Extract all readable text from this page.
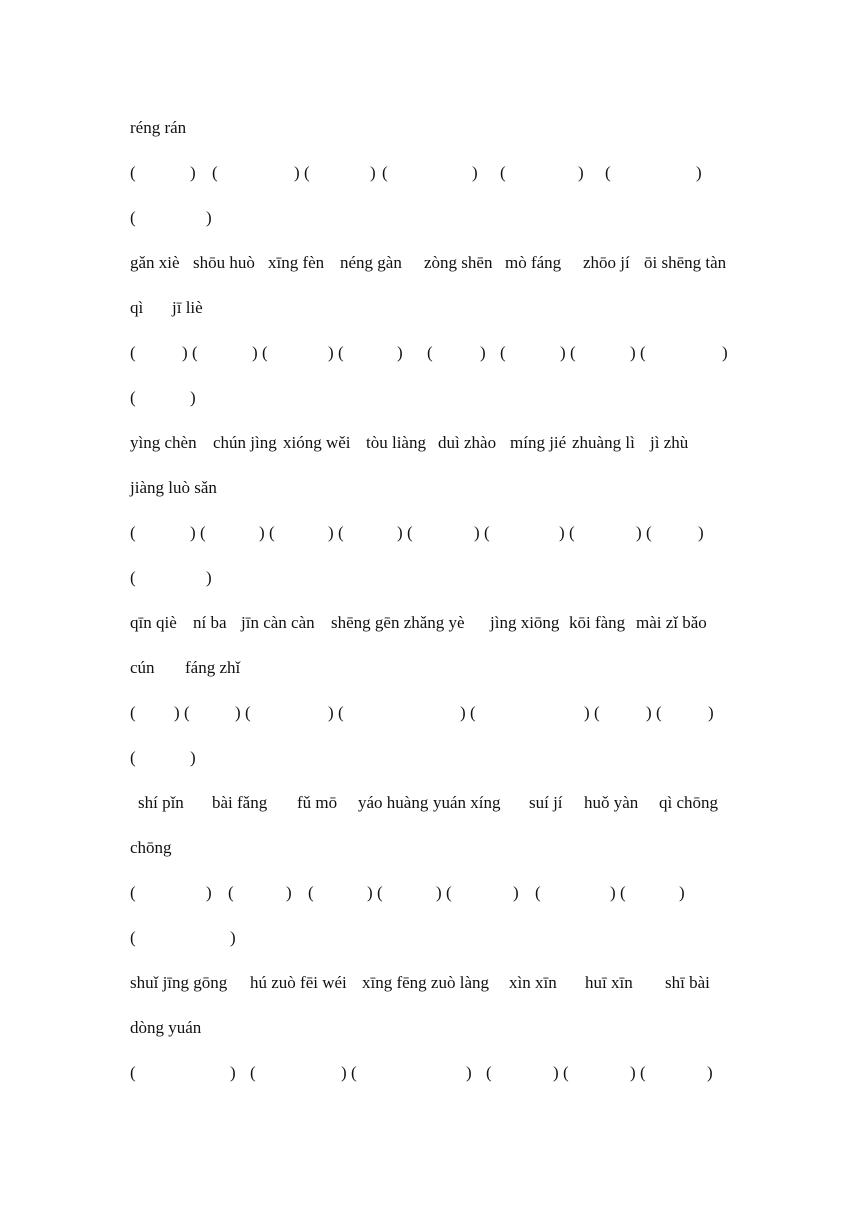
réng rán
(	) (	) (	) (	) (	) (	)
(	)
gǎn xiè shōu huò xīng fèn néng gàn zòng shēn mò fáng zhōo jí ōi shēng tàn
qì jī liè
(	) (	) (	) (	) (	) (	) (	) (	)
(	)
yìng chèn chún jìng xióng wěi tòu liàng duì zhào míng jié zhuàng lì jì zhù
jiàng luò sǎn
(	) (	) (	) (	) (	) (	) (	) (	)
(	)
qīn qiè ní ba jīn càn càn shēng gēn zhǎng yè jìng xiōng kōi fàng mài zǐ bǎo
cún fáng zhǐ
( ) (	) (	) (	) (	) (	) (	)
(	)
shí pǐn bài fǎng fǔ mō yáo huàng yuán xíng suí jí huǒ yàn qì chōng
chōng
(	) (	) (	) (	) (	) (	) (	)
(	)
shuǐ jīng gōng hú zuò fēi wéi xīng fēng zuò làng xìn xīn huī xīn shī bài
dòng yuán
(	) (	) (	) (	) (	) (	)
